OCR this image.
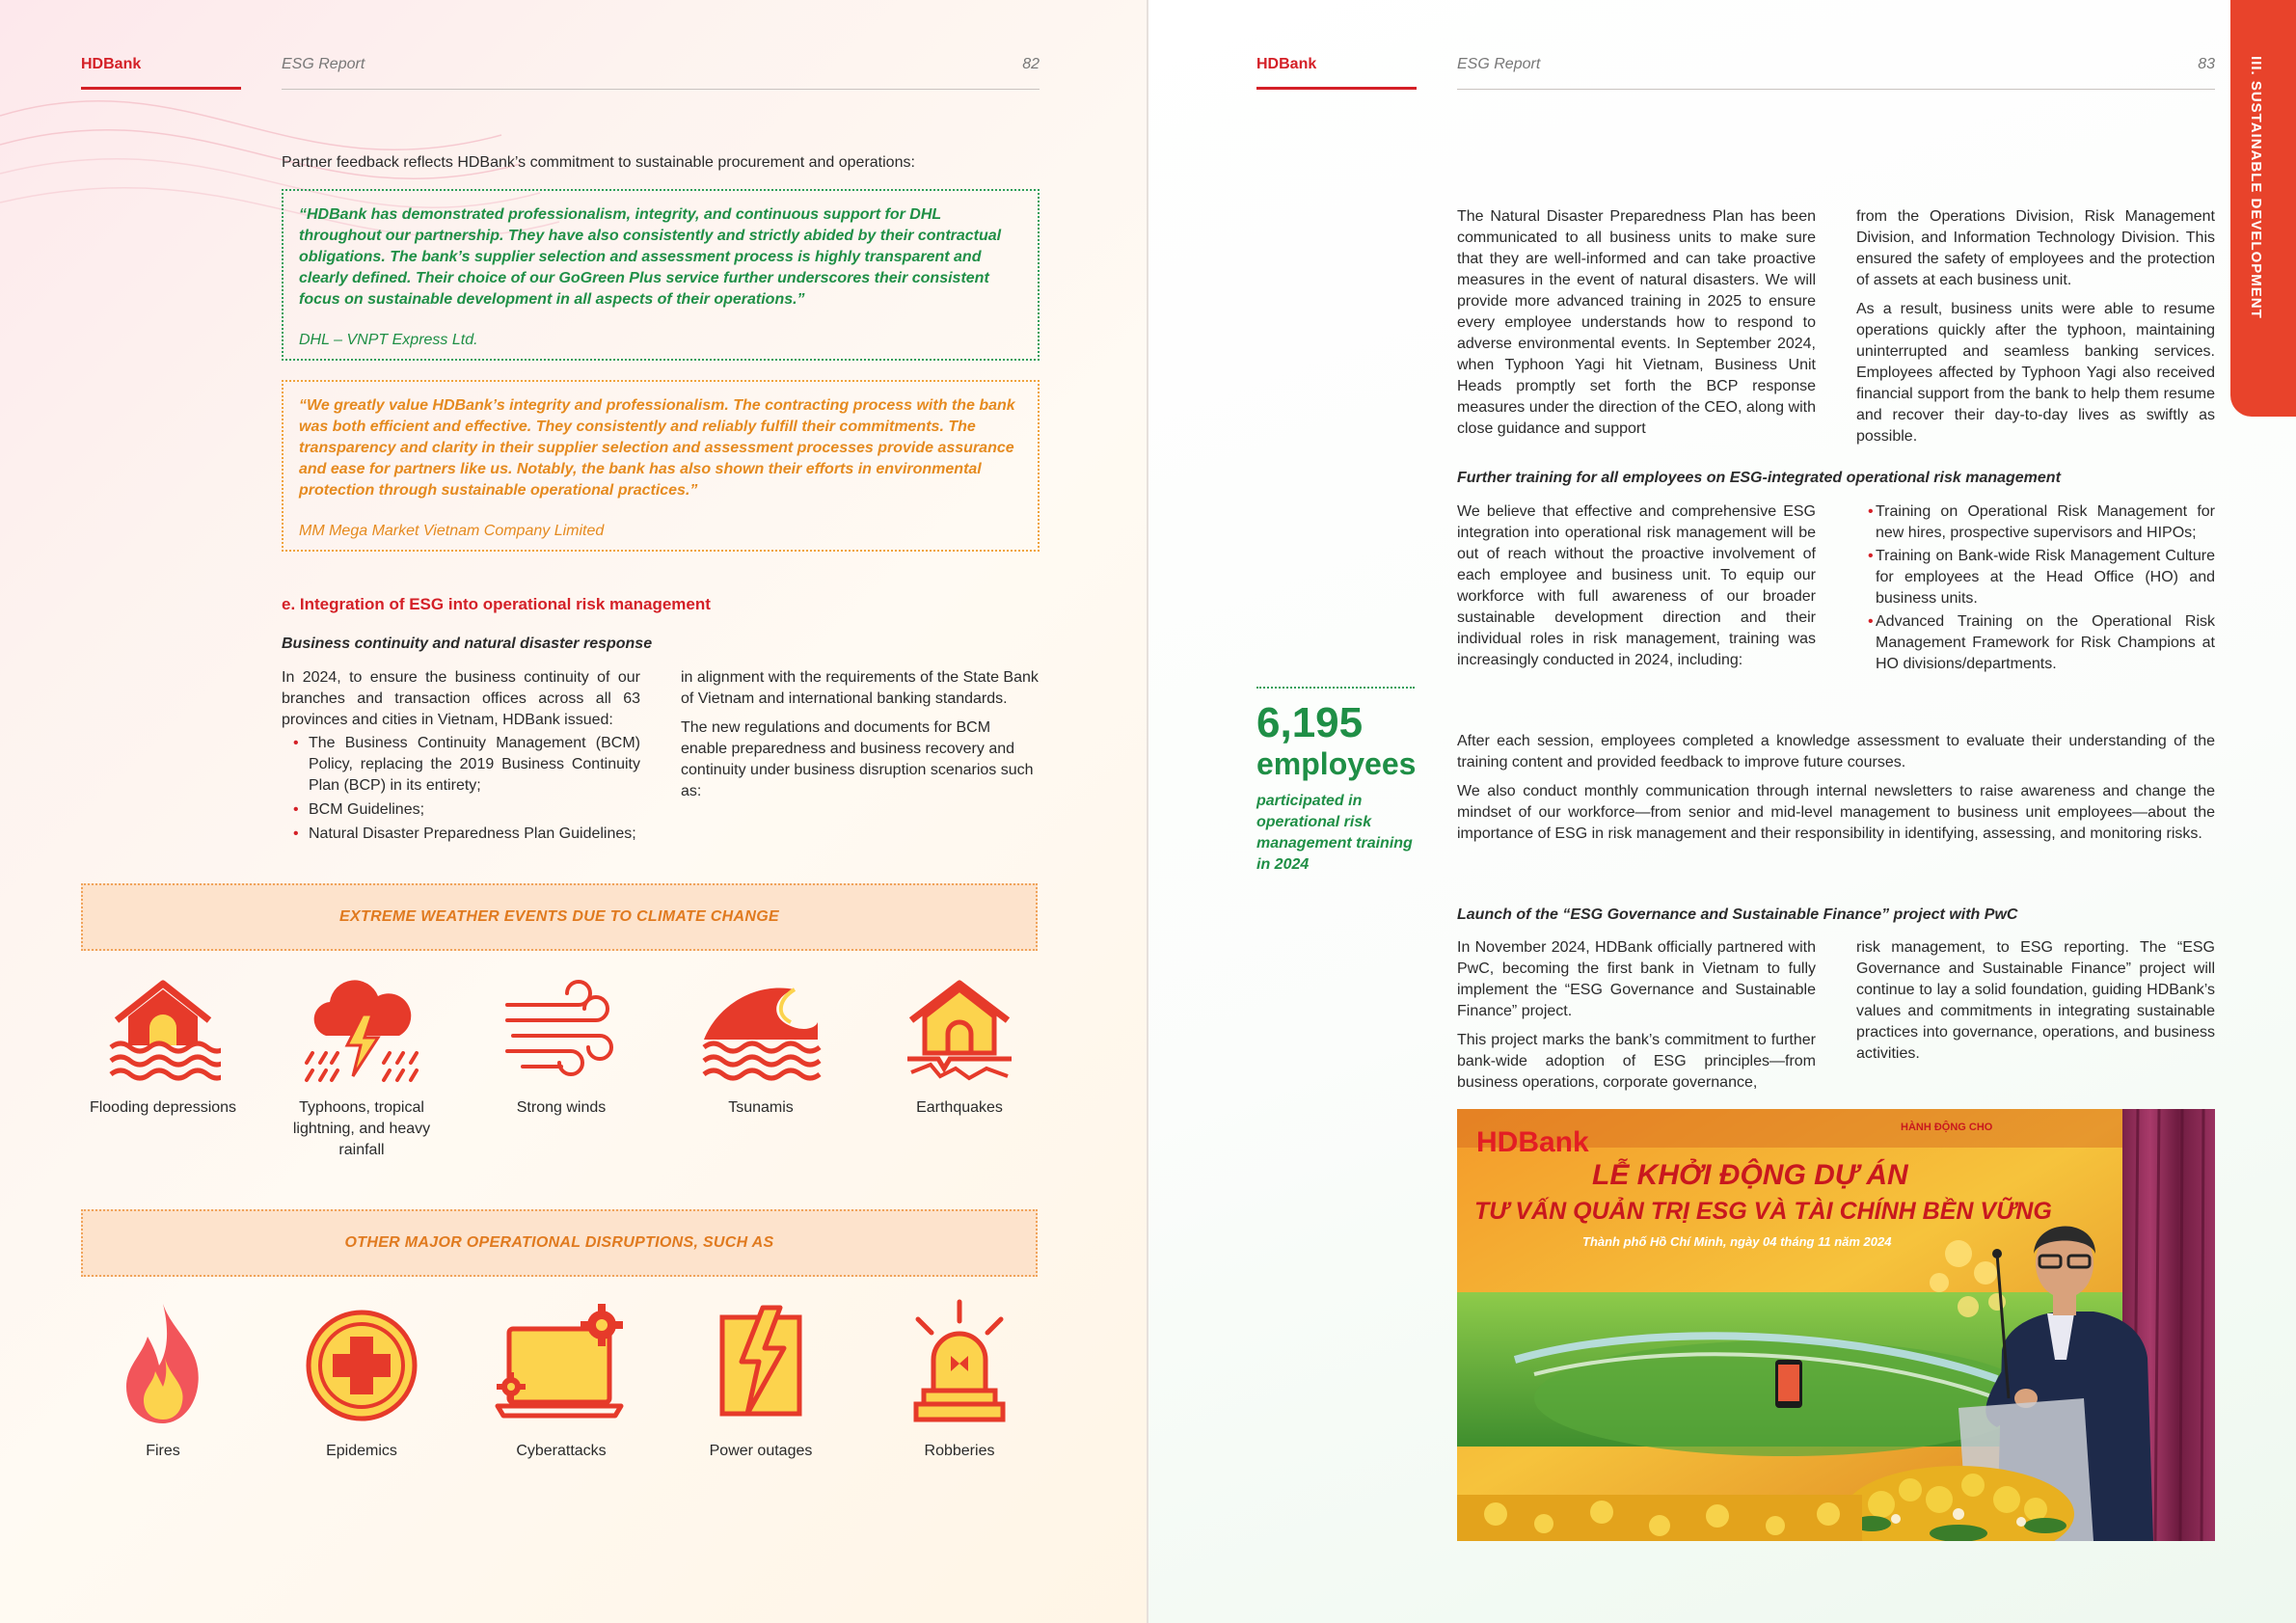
HDBank	ESG Report	82

Partner feedback reflects HDBank’s commitment to sustainable procurement and operations:

“HDBank has demonstrated professionalism, integrity, and continuous support for DHL throughout our partnership. They have also consistently and strictly abided by their contractual obligations. The bank’s supplier selection and assessment process is highly transparent and clearly defined. Their choice of our GoGreen Plus service further underscores their consistent focus on sustainable development in all aspects of their operations.”
DHL – VNPT Express Ltd.
“We greatly value HDBank’s integrity and professionalism. The contracting process with the bank was both efficient and effective. They consistently and reliably fulfill their commitments. The transparency and clarity in their supplier selection and assessment processes provide assurance and ease for partners like us. Notably, the bank has also shown their efforts in environmental protection through sustainable operational practices.”
MM Mega Market Vietnam Company Limited
e. Integration of ESG into operational risk management
Business continuity and natural disaster response

In 2024, to ensure the business continuity of our branches and transaction offices across all 63 provinces and cities in Vietnam, HDBank issued:

• The Business Continuity Management (BCM) Policy, replacing the 2019 Business Continuity Plan (BCP) in its entirety;
• BCM Guidelines;
• Natural Disaster Preparedness Plan Guidelines;

in alignment with the requirements of the State Bank of Vietnam and international banking standards.

The new regulations and documents for BCM enable preparedness and business recovery and continuity under business disruption scenarios such as:

EXTREME WEATHER EVENTS DUE TO CLIMATE CHANGE
Flooding depressions	Typhoons, tropical lightning, and heavy rainfall
Strong winds	Tsunamis	Earthquakes
OTHER MAJOR OPERATIONAL DISRUPTIONS, SUCH AS
Fires	Epidemics	Cyberattacks	Power outages	Robberies
HDBank	ESG Report	83 III. SUSTAINABLE DEVELOPMENT

The Natural Disaster Preparedness Plan has been communicated to all business units to make sure that they are well-informed and can take proactive measures in the event of natural disasters. We will provide more advanced training in 2025 to ensure every employee understands how to respond to adverse environmental events. In September 2024, when Typhoon Yagi hit Vietnam, Business Unit Heads promptly set forth the BCP response measures under the direction of the CEO, along with close guidance and support

from the Operations Division, Risk Management Division, and Information Technology Division. This ensured the safety of employees and the protection of assets at each business unit.

As a result, business units were able to resume operations quickly after the typhoon, maintaining uninterrupted and seamless banking services. Employees affected by Typhoon Yagi also received financial support from the bank to help them resume and recover their day-to-day lives as swiftly as possible.

Further training for all employees on ESG-integrated operational risk management

We believe that effective and comprehensive ESG integration into operational risk management will be out of reach without the proactive involvement of each employee and business unit. To equip our workforce with full awareness of our broader sustainable development direction and their individual roles in risk management, training was increasingly conducted in 2024, including:

• Training on Operational Risk Management for new hires, prospective supervisors and HIPOs;
• Training on Bank-wide Risk Management Culture for employees at the Head Office (HO) and business units.
• Advanced Training on the Operational Risk Management Framework for Risk Champions at HO divisions/departments.
6,195
employees
participated in operational risk management training in 2024

After each session, employees completed a knowledge assessment to evaluate their understanding of the training content and provided feedback to improve future courses.

We also conduct monthly communication through internal newsletters to raise awareness and change the mindset of our workforce—from senior and mid-level management to business unit employees—about the importance of ESG in risk management and their responsibility in identifying, assessing, and monitoring risks.

Launch of the “ESG Governance and Sustainable Finance” project with PwC

In November 2024, HDBank officially partnered with PwC, becoming the first bank in Vietnam to fully implement the “ESG Governance and Sustainable Finance” project.

This project marks the bank’s commitment to further bank-wide adoption of ESG principles—from business operations, corporate governance,

risk management, to ESG reporting. The “ESG Governance and Sustainable Finance” project will continue to lay a solid foundation, guiding HDBank’s values and commitments in integrating sustainable practices into governance, operations, and business activities.

HDBank	HÀNH ĐỘNG CHO
LỄ KHỞI ĐỘNG DỰ ÁN
TƯ VẤN QUẢN TRỊ ESG VÀ TÀI CHÍNH BỀN VỮNG
Thành phố Hồ Chí Minh, ngày 04 tháng 11 năm 2024
